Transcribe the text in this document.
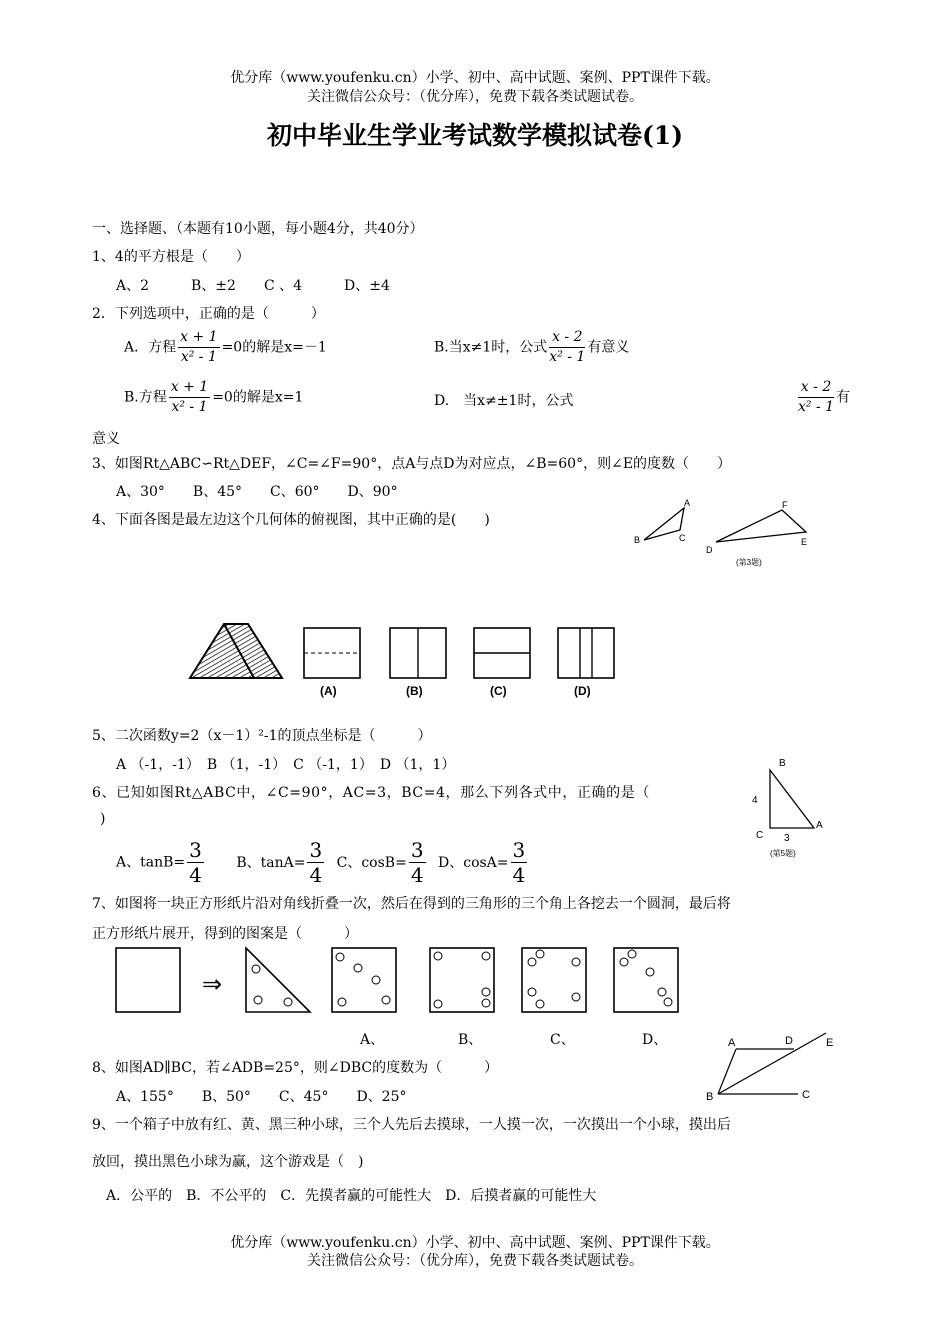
优分库（www.youfenku.cn）小学、初中、高中试题、案例、PPT课件下载。
关注微信公众号：（优分库），免费下载各类试题试卷。
初中毕业生学业考试数学模拟试卷(1)
一、选择题、（本题有10小题，每小题4分，共40分）
1、4的平方根是（　　）
A、2　　　B、±2　　C 、4　　　D、±4
2．下列选项中，正确的是（　　　）
A．方程 $\frac{x + 1}{\text{x² - 1}} =0$的解是x=－1	B.当x≠1时，公式 $\frac{x - 2}{\text{x² - 1}}$ 有意义
B.方程 $\frac{x + 1}{\text{x² - 1}} =0$的解是x=1	D.　当x≠±1时，公式	$\frac{x - 2}{\text{x² - 1}}$ 有
意义
3、如图Rt△ABC∽Rt△DEF，∠C=∠F=90°，点A与点D为对应点，∠B=60°，则∠E的度数（　　）
A、30°　　B、45°　　C、60°　　D、90°
A
B	C
D
E
F
(第3题)
4、下面各图是最左边这个几何体的俯视图，其中正确的是(　　)
(A)	(B)	(C)	(D)
5、二次函数y=2（x－1）²-1的顶点坐标是（　　　）
A （-1，-1）　B （1，-1）　C （-1，1）　D （1，1）
6、已知如图Rt△ABC中，∠C=90°，AC=3，BC=4，那么下列各式中，正确的是（
)
B
C
A
4
3
(第5题)
A、$\tan B= \frac{3}{4}$ B、$\tan A= \frac{3}{4}$ C、$\cos B= \frac{3}{4}$ D、$\cos A= \frac{3}{4}$
7、如图将一块正方形纸片沿对角线折叠一次，然后在得到的三角形的三个角上各挖去一个圆洞，最后将
正方形纸片展开，得到的图案是（　　　）
⇒
A、	B、	C、	D、
8、如图AD∥BC，若∠ADB=25°，则∠DBC的度数为（　　　）
A、155°　　B、50°　　C、45°　　D、25°
A	D	E
B	C
9、一个箱子中放有红、黄、黑三种小球，三个人先后去摸球，一人摸一次，一次摸出一个小球，摸出后
放回，摸出黑色小球为赢，这个游戏是（　)
A．公平的　B．不公平的　C．先摸者赢的可能性大　D．后摸者赢的可能性大
优分库（www.youfenku.cn）小学、初中、高中试题、案例、PPT课件下载。
关注微信公众号：（优分库），免费下载各类试题试卷。
